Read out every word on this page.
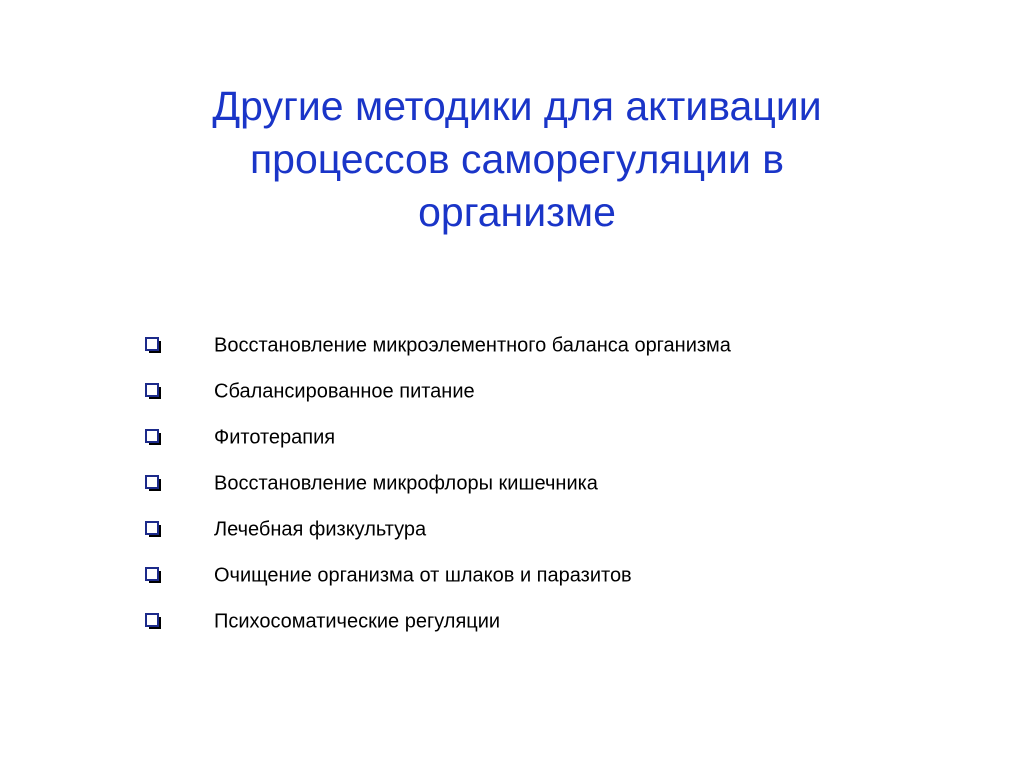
Другие методики для активации
процессов саморегуляции в
организме
Восстановление микроэлементного баланса организма
Сбалансированное питание
Фитотерапия
Восстановление микрофлоры кишечника
Лечебная физкультура
Очищение организма от шлаков и паразитов
Психосоматические регуляции
